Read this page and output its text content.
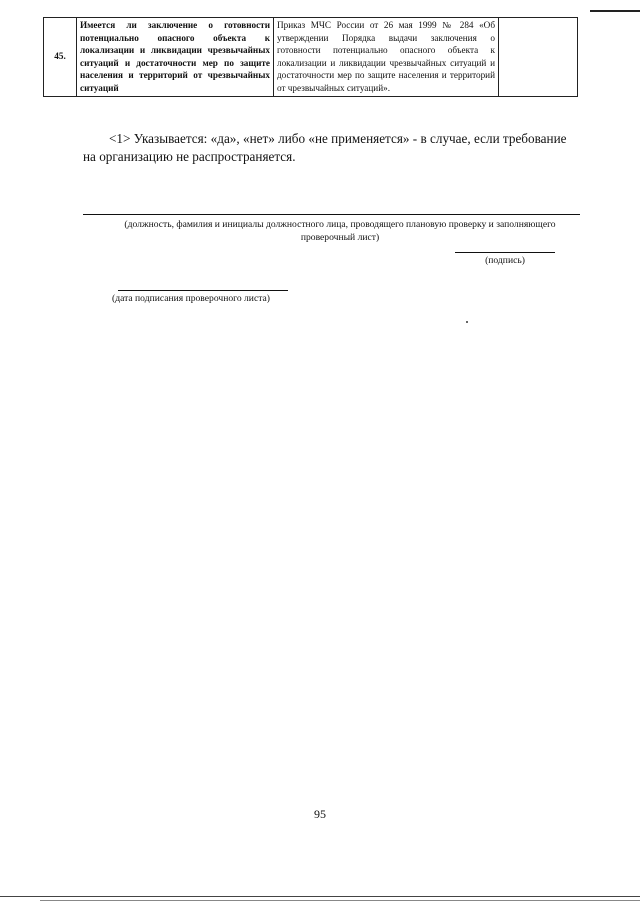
45.	Имеется ли заключение о готовности потенциально опасного объекта к локализации и ликвидации чрезвычайных ситуаций и достаточности мер по защите населения и территорий от чрезвычайных ситуаций	Приказ МЧС России от 26 мая 1999 № 284 «Об утверждении Порядка выдачи заключения о готовности потенциально опасного объекта к локализации и ликвидации чрезвычайных ситуаций и достаточности мер по защите населения и территорий от чрезвычайных ситуаций».	

<1> Указывается: «да», «нет» либо «не применяется» - в случае, если требование на организацию не распространяется.

(должность, фамилия и инициалы должностного лица, проводящего плановую проверку и заполняющего проверочный лист)
(подпись)
(дата подписания проверочного листа)
95
